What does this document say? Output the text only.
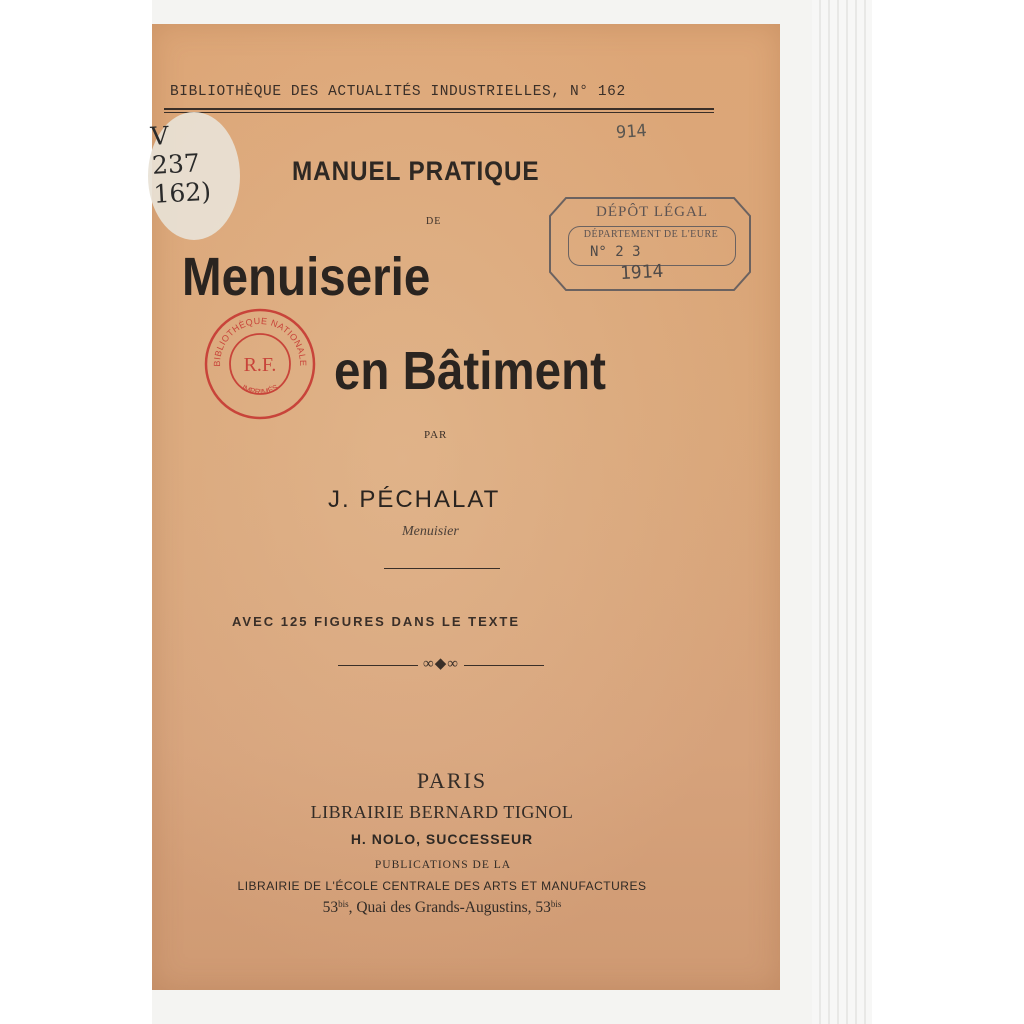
BIBLIOTHÈQUE DES ACTUALITÉS INDUSTRIELLES, N° 162
V
237
162)
914
MANUEL PRATIQUE
DE
DÉPÔT LÉGAL
DÉPARTEMENT DE L'EURE
N° 2 3
1914
Menuiserie
BIBLIOTHÈQUE NATIONALE
R.F.
IMPRIMÉS en Bâtiment
PAR
J. PÉCHALAT
Menuisier
AVEC 125 FIGURES DANS LE TEXTE
∞◆∞
PARIS
LIBRAIRIE BERNARD TIGNOL
H. NOLO, SUCCESSEUR
PUBLICATIONS DE LA
LIBRAIRIE DE L'ÉCOLE CENTRALE DES ARTS ET MANUFACTURES
$53^{bis}$, Quai des Grands-Augustins, $53^{bis}$
